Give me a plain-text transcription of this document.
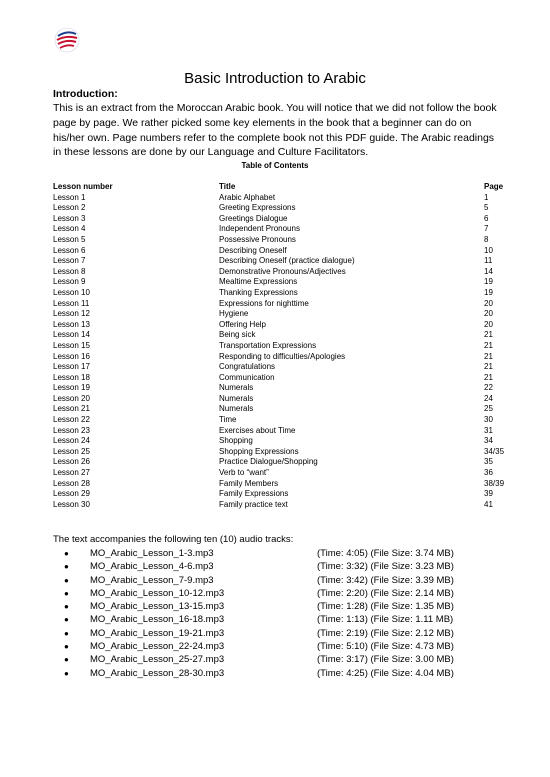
Basic Introduction to Arabic
Introduction:
This is an extract from the Moroccan Arabic book. You will notice that we did not follow the book page by page. We rather picked some key elements in the book that a beginner can do on his/her own. Page numbers refer to the complete book not this PDF guide. The Arabic readings in these lessons are done by our Language and Culture Facilitators.
Table of Contents
Lesson number	Title	Page
Lesson 1	Arabic Alphabet	1
Lesson 2	Greeting Expressions	5
Lesson 3	Greetings Dialogue	6
Lesson 4	Independent Pronouns	7
Lesson 5	Possessive Pronouns	8
Lesson 6	Describing Oneself	10
Lesson 7	Describing Oneself (practice dialogue)	11
Lesson 8	Demonstrative Pronouns/Adjectives	14
Lesson 9	Mealtime Expressions	19
Lesson 10	Thanking Expressions	19
Lesson 11	Expressions for nighttime	20
Lesson 12	Hygiene	20
Lesson 13	Offering Help	20
Lesson 14	Being sick	21
Lesson 15	Transportation Expressions	21
Lesson 16	Responding to difficulties/Apologies	21
Lesson 17	Congratulations	21
Lesson 18	Communication	21
Lesson 19	Numerals	22
Lesson 20	Numerals	24
Lesson 21	Numerals	25
Lesson 22	Time	30
Lesson 23	Exercises about Time	31
Lesson 24	Shopping	34
Lesson 25	Shopping Expressions	34/35
Lesson 26	Practice Dialogue/Shopping	35
Lesson 27	Verb to “want”	36
Lesson 28	Family Members	38/39
Lesson 29	Family Expressions	39
Lesson 30	Family practice text	41
The text accompanies the following ten (10) audio tracks:
● MO_Arabic_Lesson_1-3.mp3	(Time: 4:05) (File Size: 3.74 MB)
● MO_Arabic_Lesson_4-6.mp3	(Time: 3:32) (File Size: 3.23 MB)
● MO_Arabic_Lesson_7-9.mp3	(Time: 3:42) (File Size: 3.39 MB)
● MO_Arabic_Lesson_10-12.mp3	(Time: 2:20) (File Size: 2.14 MB)
● MO_Arabic_Lesson_13-15.mp3	(Time: 1:28) (File Size: 1.35 MB)
● MO_Arabic_Lesson_16-18.mp3	(Time: 1:13) (File Size: 1.11 MB)
● MO_Arabic_Lesson_19-21.mp3	(Time: 2:19) (File Size: 2.12 MB)
● MO_Arabic_Lesson_22-24.mp3	(Time: 5:10) (File Size: 4.73 MB)
● MO_Arabic_Lesson_25-27.mp3	(Time: 3:17) (File Size: 3.00 MB)
● MO_Arabic_Lesson_28-30.mp3	(Time: 4:25) (File Size: 4.04 MB)
